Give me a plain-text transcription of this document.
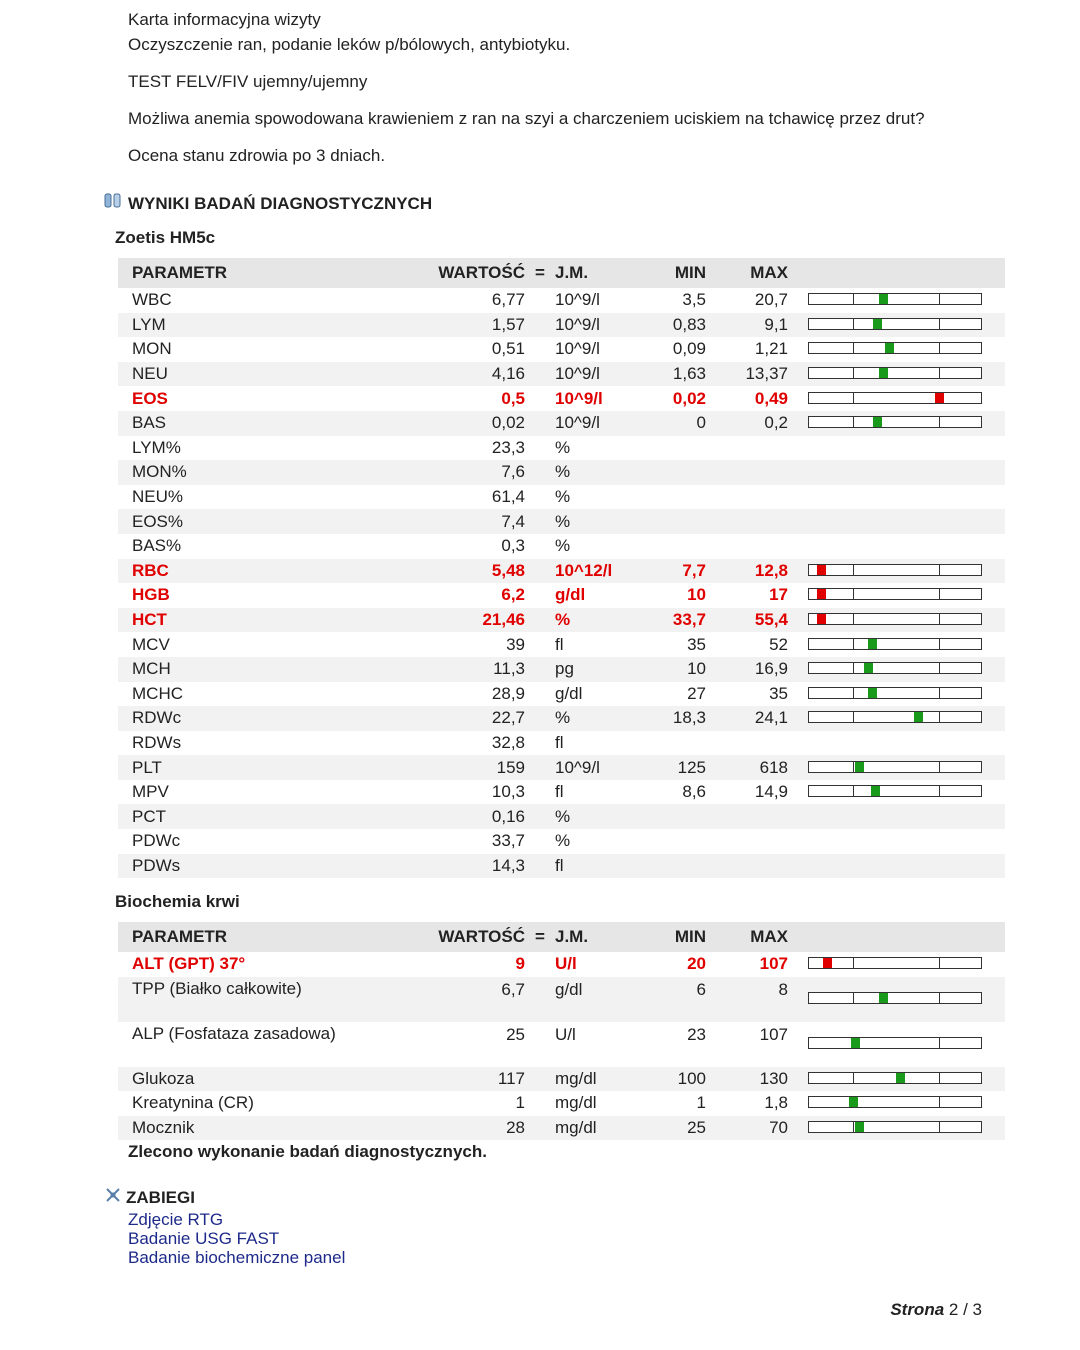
Karta informacyjna wizyty
Oczyszczenie ran, podanie leków p/bólowych, antybiotyku.
TEST FELV/FIV ujemny/ujemny
Możliwa anemia spowodowana krawieniem z ran na szyi a charczeniem uciskiem na tchawicę przez drut?
Ocena stanu zdrowia po 3 dniach.
WYNIKI BADAŃ DIAGNOSTYCZNYCH
Zoetis HM5c
PARAMETR	WARTOŚĆ	=	J.M.	MIN	MAX	
WBC	6,77		10^9/l	3,5	20,7	

LYM	1,57		10^9/l	0,83	9,1	

MON	0,51		10^9/l	0,09	1,21	

NEU	4,16		10^9/l	1,63	13,37	

EOS	0,5		10^9/l	0,02	0,49	

BAS	0,02		10^9/l	0	0,2	

LYM%	23,3		%			
MON%	7,6		%			
NEU%	61,4		%			
EOS%	7,4		%			
BAS%	0,3		%			
RBC	5,48		10^12/l	7,7	12,8	

HGB	6,2		g/dl	10	17	

HCT	21,46		%	33,7	55,4	

MCV	39		fl	35	52	

MCH	11,3		pg	10	16,9	

MCHC	28,9		g/dl	27	35	

RDWc	22,7		%	18,3	24,1	

RDWs	32,8		fl			
PLT	159		10^9/l	125	618	

MPV	10,3		fl	8,6	14,9	

PCT	0,16		%			
PDWc	33,7		%			
PDWs	14,3		fl			
Biochemia krwi
PARAMETR	WARTOŚĆ	=	J.M.	MIN	MAX	
ALT (GPT) 37°	9		U/l	20	107	

TPP (Białko całkowite)	6,7		g/dl	6	8	

ALP (Fosfataza zasadowa)	25		U/l	23	107	

Glukoza	117		mg/dl	100	130	

Kreatynina (CR)	1		mg/dl	1	1,8	

Mocznik	28		mg/dl	25	70	
Zlecono wykonanie badań diagnostycznych.
ZABIEGI
Zdjęcie RTG
Badanie USG FAST
Badanie biochemiczne panel
Strona 2 / 3
